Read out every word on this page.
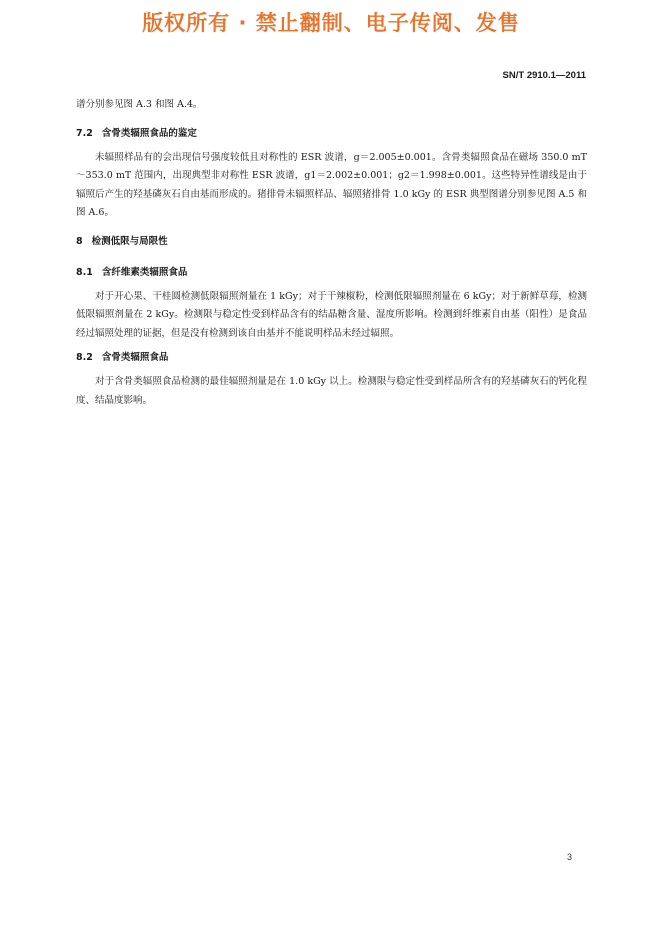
版权所有 · 禁止翻制、电子传阅、发售
SN/T 2910.1—2011

谱分别参见图 A.3 和图 A.4。

7.2 含骨类辐照食品的鉴定

未辐照样品有的会出现信号强度较低且对称性的 ESR 波谱，g＝2.005±0.001。含骨类辐照食品在磁场 350.0 mT～353.0 mT 范围内，出现典型非对称性 ESR 波谱，g1＝2.002±0.001；g2＝1.998±0.001。这些特异性谱线是由于辐照后产生的羟基磷灰石自由基而形成的。猪排骨未辐照样品、辐照猪排骨 1.0 kGy 的 ESR 典型图谱分别参见图 A.5 和图 A.6。

8 检测低限与局限性
8.1 含纤维素类辐照食品

对于开心果、干桂圆检测低限辐照剂量在 1 kGy；对于干辣椒粉，检测低限辐照剂量在 6 kGy；对于新鲜草莓，检测低限辐照剂量在 2 kGy。检测限与稳定性受到样品含有的结晶糖含量、湿度所影响。检测到纤维素自由基（阳性）是食品经过辐照处理的证据，但是没有检测到该自由基并不能说明样品未经过辐照。

8.2 含骨类辐照食品

对于含骨类辐照食品检测的最佳辐照剂量是在 1.0 kGy 以上。检测限与稳定性受到样品所含有的羟基磷灰石的钙化程度、结晶度影响。

3
